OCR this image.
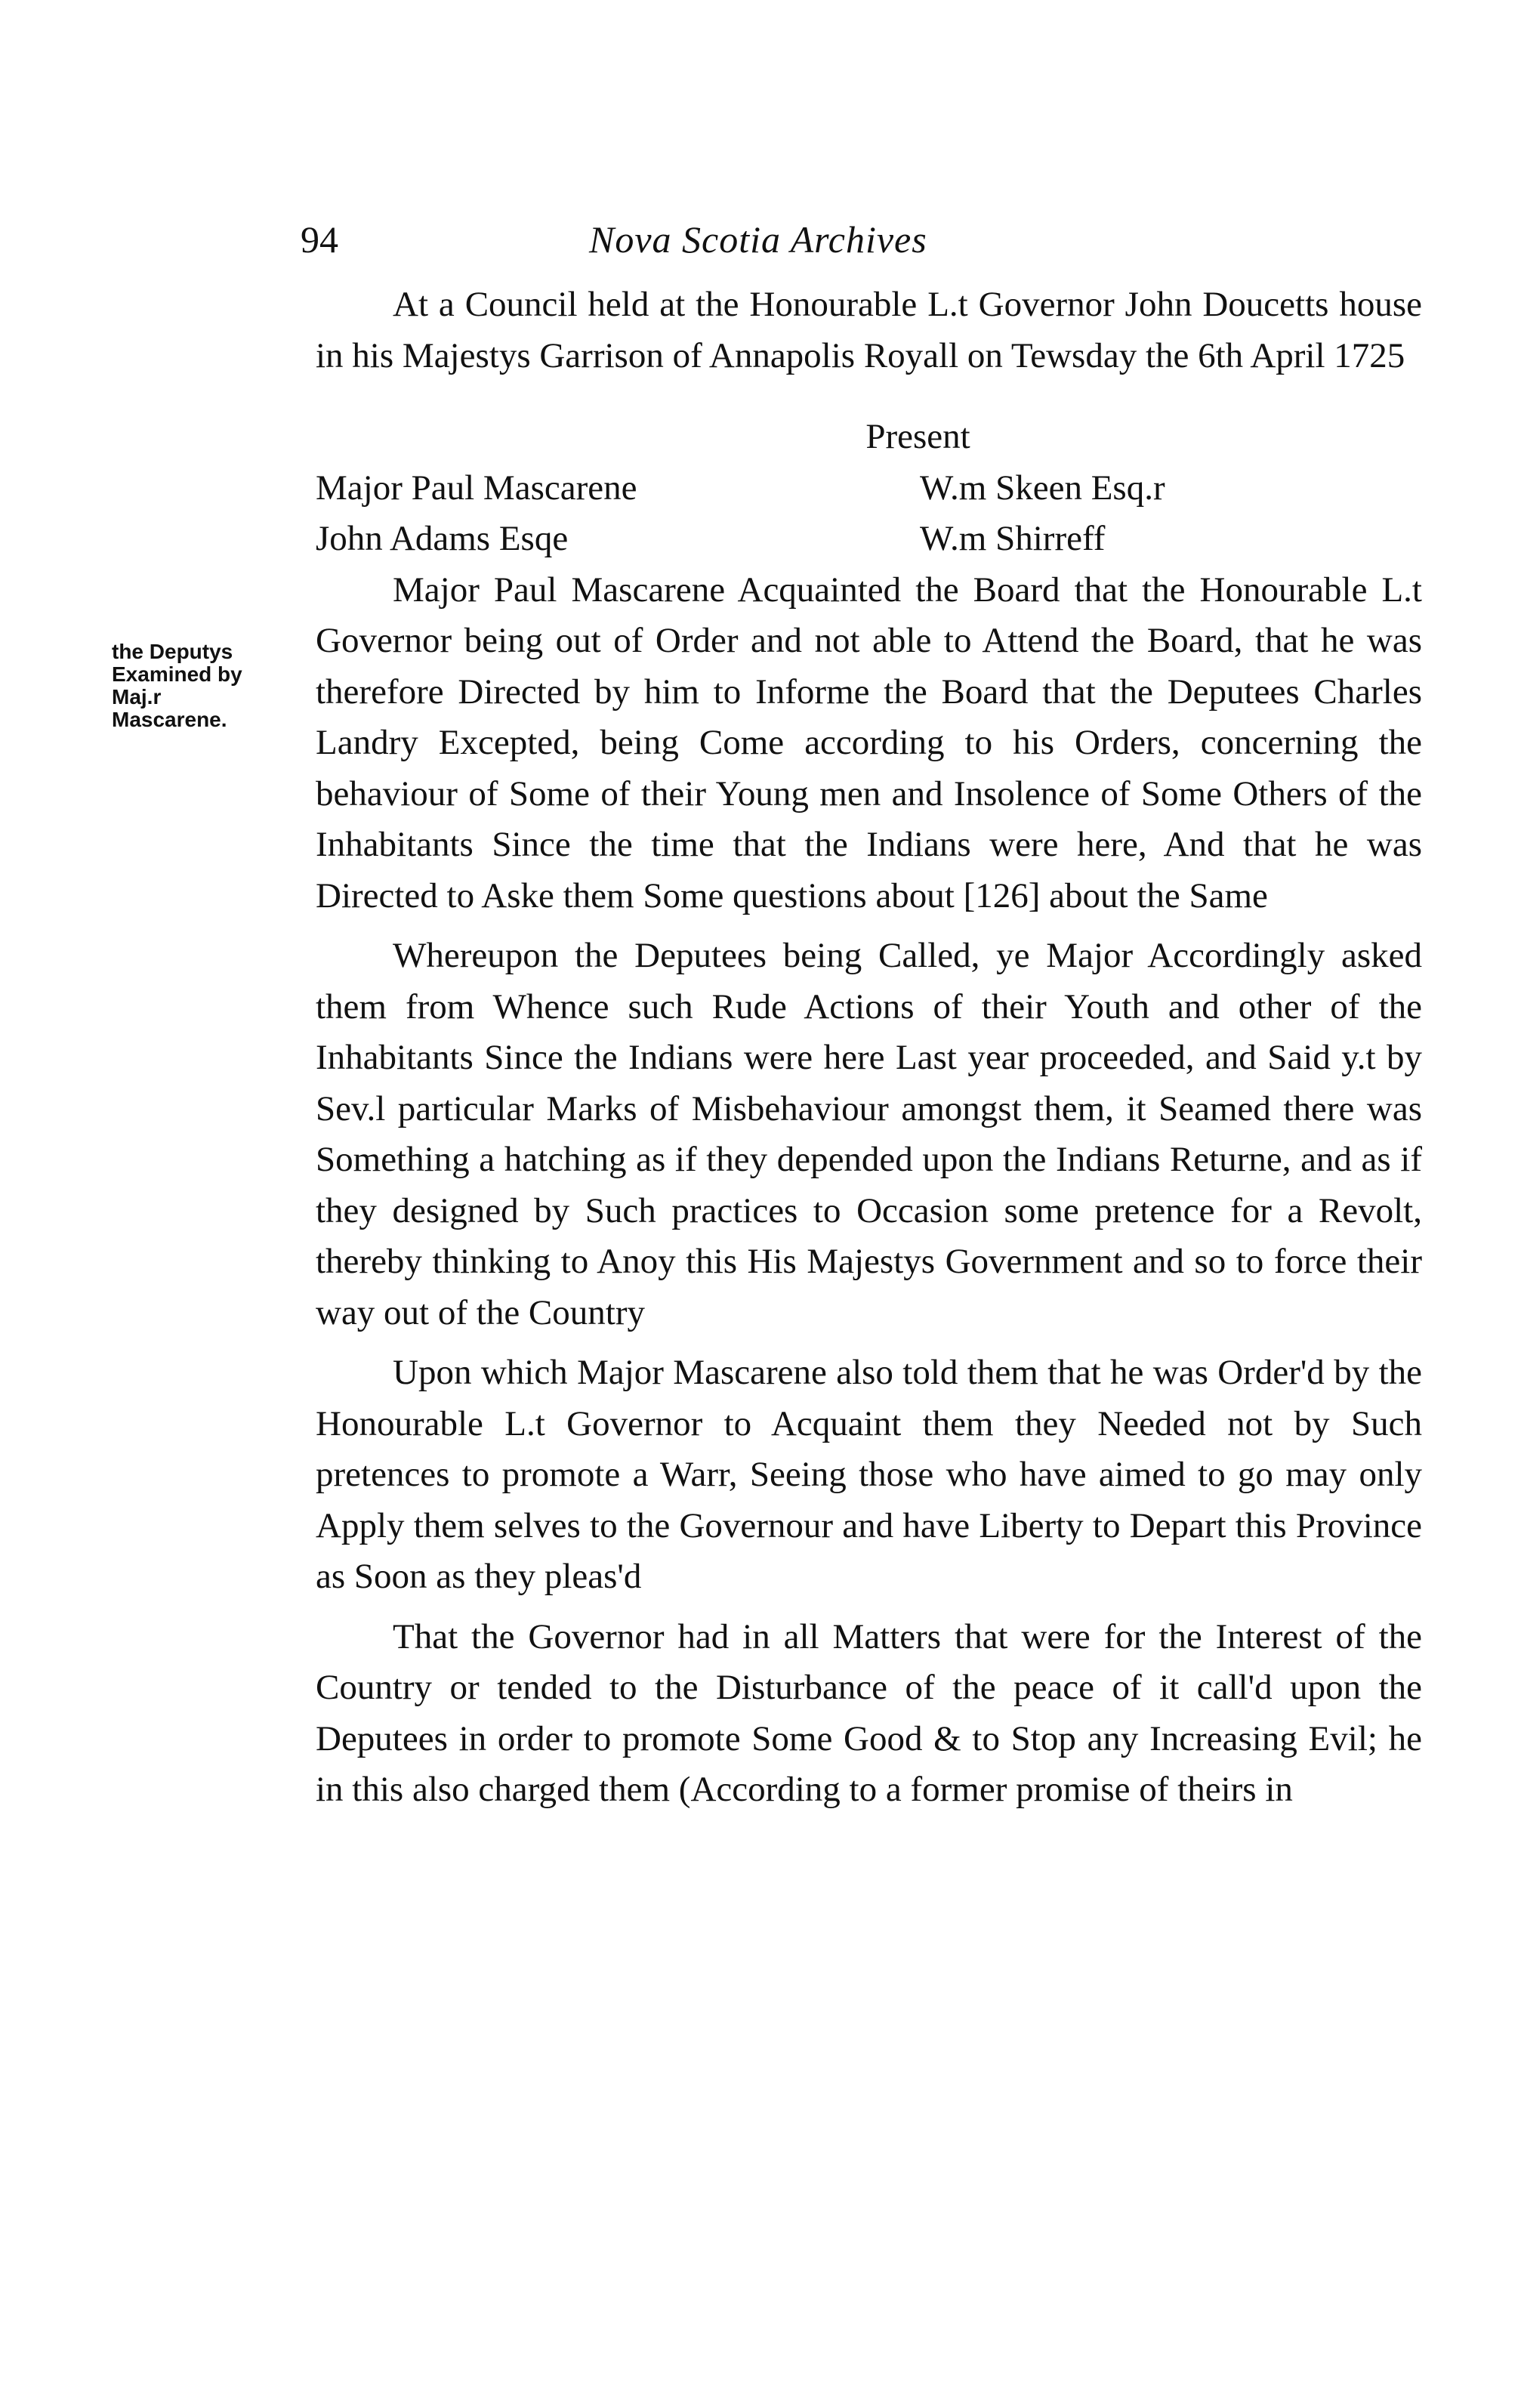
94	Nova Scotia Archives
the Deputys
Examined by
Maj.r
Mascarene.

At a Council held at the Honourable L.t Governor John Doucetts house in his Majestys Garrison of Annapolis Royall on Tewsday the 6th April 1725

Present
Major Paul Mascarene	W.m Skeen Esq.r
John Adams Esqe	W.m Shirreff

Major Paul Mascarene Acquainted the Board that the Honourable L.t Governor being out of Order and not able to Attend the Board, that he was therefore Directed by him to Informe the Board that the Deputees Charles Landry Excepted, being Come according to his Orders, concerning the behaviour of Some of their Young men and Insolence of Some Others of the Inhabitants Since the time that the Indians were here, And that he was Directed to Aske them Some questions about [126] about the Same

Whereupon the Deputees being Called, ye Major Accordingly asked them from Whence such Rude Actions of their Youth and other of the Inhabitants Since the Indians were here Last year proceeded, and Said y.t by Sev.l particular Marks of Misbehaviour amongst them, it Seamed there was Something a hatching as if they depended upon the Indians Returne, and as if they designed by Such practices to Occasion some pretence for a Revolt, thereby thinking to Anoy this His Majestys Government and so to force their way out of the Country

Upon which Major Mascarene also told them that he was Order'd by the Honourable L.t Governor to Acquaint them they Needed not by Such pretences to promote a Warr, Seeing those who have aimed to go may only Apply them selves to the Governour and have Liberty to Depart this Province as Soon as they pleas'd

That the Governor had in all Matters that were for the Interest of the Country or tended to the Disturbance of the peace of it call'd upon the Deputees in order to promote Some Good & to Stop any Increasing Evil; he in this also charged them (According to a former promise of theirs in
